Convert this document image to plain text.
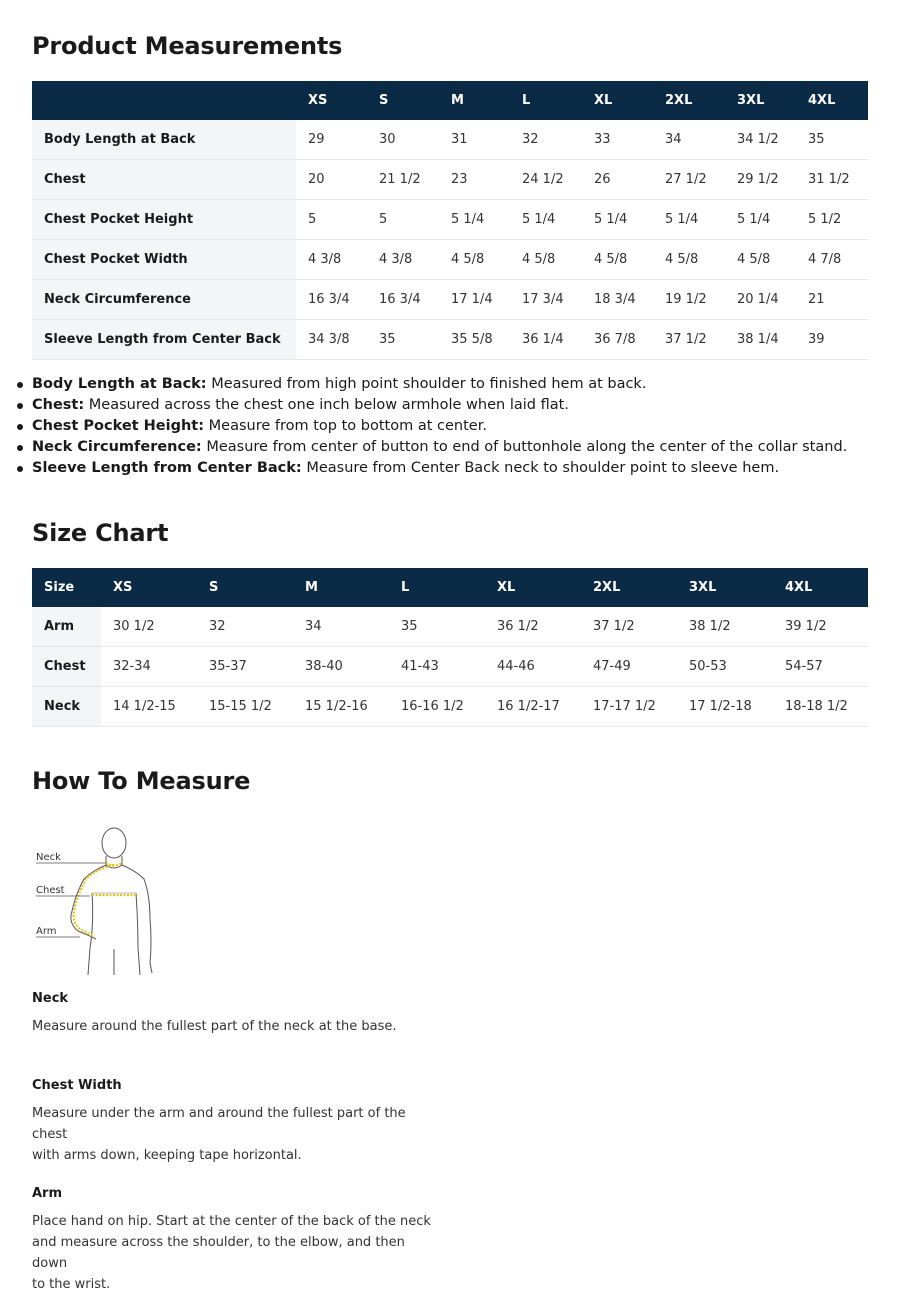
Product Measurements
	XS	S	M	L	XL	2XL	3XL	4XL
Body Length at Back	29	30	31	32	33	34	34 1/2	35
Chest	20	21 1/2	23	24 1/2	26	27 1/2	29 1/2	31 1/2
Chest Pocket Height	5	5	5 1/4	5 1/4	5 1/4	5 1/4	5 1/4	5 1/2
Chest Pocket Width	4 3/8	4 3/8	4 5/8	4 5/8	4 5/8	4 5/8	4 5/8	4 7/8
Neck Circumference	16 3/4	16 3/4	17 1/4	17 3/4	18 3/4	19 1/2	20 1/4	21
Sleeve Length from Center Back	34 3/8	35	35 5/8	36 1/4	36 7/8	37 1/2	38 1/4	39
Body Length at Back: Measured from high point shoulder to finished hem at back.
Chest: Measured across the chest one inch below armhole when laid flat.
Chest Pocket Height: Measure from top to bottom at center.
Neck Circumference: Measure from center of button to end of buttonhole along the center of the collar stand.
Sleeve Length from Center Back: Measure from Center Back neck to shoulder point to sleeve hem.
Size Chart
Size	XS	S	M	L	XL	2XL	3XL	4XL
Arm	30 1/2	32	34	35	36 1/2	37 1/2	38 1/2	39 1/2
Chest	32-34	35-37	38-40	41-43	44-46	47-49	50-53	54-57
Neck	14 1/2-15	15-15 1/2	15 1/2-16	16-16 1/2	16 1/2-17	17-17 1/2	17 1/2-18	18-18 1/2
How To Measure
Neck
Chest
Arm
Neck

Measure around the fullest part of the neck at the base.

Chest Width

Measure under the arm and around the fullest part of the chest
with arms down, keeping tape horizontal.

Arm

Place hand on hip. Start at the center of the back of the neck
and measure across the shoulder, to the elbow, and then down
to the wrist.
